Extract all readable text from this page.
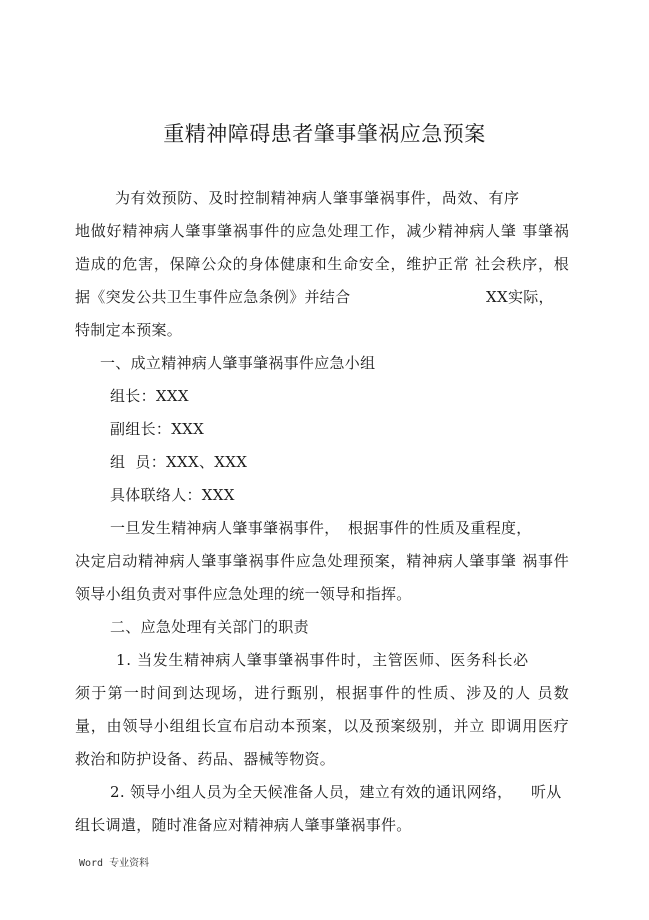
重精神障碍患者肇事肇祸应急预案
为有效预防、及时控制精神病人肇事肇祸事件，咼效、有序
地做好精神病人肇事肇祸事件的应急处理工作，减少精神病人肇 事肇祸
造成的危害，保障公众的身体健康和生命安全，维护正常 社会秩序，根
据《突发公共卫生事件应急条例》并结合	XX实际，
特制定本预案。
一、成立精神病人肇事肇祸事件应急小组
组长：XXX
副组长：XXX
组  员：XXX、XXX
具体联络人：XXX
一旦发生精神病人肇事肇祸事件， 根据事件的性质及重程度，
决定启动精神病人肇事肇祸事件应急处理预案，精神病人肇事肇 祸事件
领导小组负责对事件应急处理的统一领导和指挥。
二、应急处理有关部门的职责
1. 当发生精神病人肇事肇祸事件时，主管医师、医务科长必
须于第一时间到达现场，进行甄别，根据事件的性质、涉及的人 员数
量，由领导小组组长宣布启动本预案，以及预案级别，并立 即调用医疗
救治和防护设备、药品、器械等物资。
2. 领导小组人员为全天候准备人员，建立有效的通讯网络， 听从
组长调遣，随时准备应对精神病人肇事肇祸事件。
Word 专业资料
